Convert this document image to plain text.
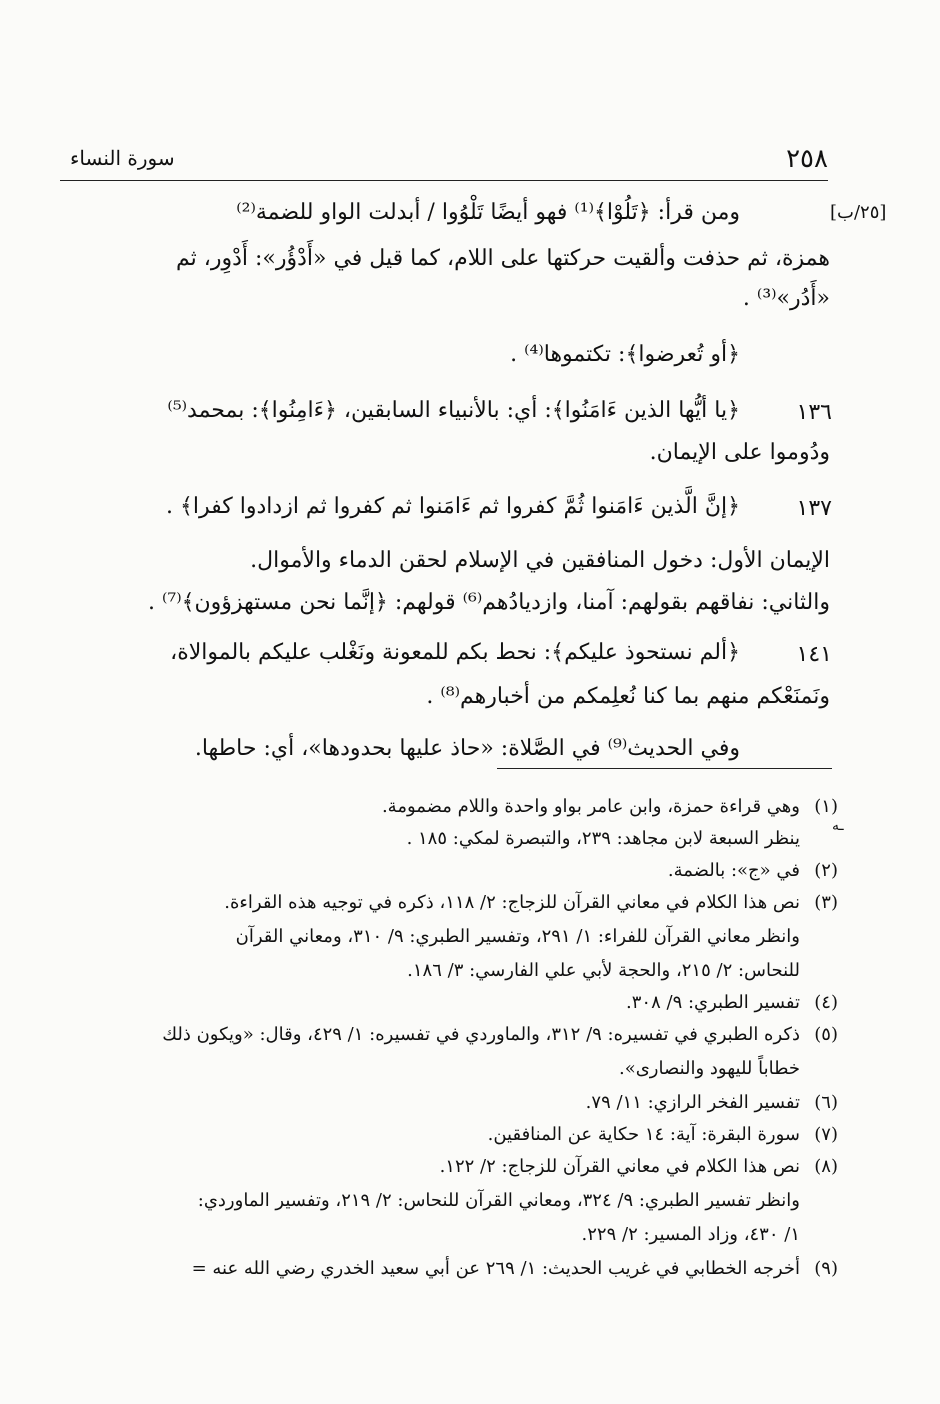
٢٥٨
سورة النساء
[٢٥/ب]
ومن قرأ: ﴿تَلُوْا﴾⁽¹⁾ فهو أيضًا تَلْوُوا / أبدلت الواو للضمة⁽²⁾
همزة، ثم حذفت وألقيت حركتها على اللام، كما قيل في «أَدْؤُر»: أَدْوِر، ثم
«أَدُر»⁽³⁾ .
﴿أو تُعرضوا﴾: تكتموها⁽⁴⁾ .
١٣٦
﴿يا أيُّها الذين ءَامَنُوا﴾: أي: بالأنبياء السابقين، ﴿ءَامِنُوا﴾: بمحمد⁽⁵⁾
ودُوموا على الإيمان.
١٣٧
﴿إنَّ الَّذين ءَامَنوا ثُمَّ كفروا ثم ءَامَنوا ثم كفروا ثم ازدادوا كفرا﴾ .
الإيمان الأول: دخول المنافقين في الإسلام لحقن الدماء والأموال.
والثاني: نفاقهم بقولهم: آمنا، وازديادُهم⁽⁶⁾ قولهم: ﴿إنَّما نحن مستهزؤون﴾⁽⁷⁾ .
١٤١
﴿ألم نستحوذ عليكم﴾: نحط بكم للمعونة ونَغْلب عليكم بالموالاة،
ونَمنَعْكم منهم بما كنا نُعلِمكم من أخبارهم⁽⁸⁾ .
وفي الحديث⁽⁹⁾ في الصَّلاة: «حاذ عليها بحدودها»، أي: حاطها.
(١)
وهي قراءة حمزة، وابن عامر بواو واحدة واللام مضمومة.
ينظر السبعة لابن مجاهد: ٢٣٩، والتبصرة لمكي: ١٨٥ .
ـه
(٢)
في «ج»: بالضمة.
(٣)
نص هذا الكلام في معاني القرآن للزجاج: ٢/ ١١٨، ذكره في توجيه هذه القراءة.
وانظر معاني القرآن للفراء: ١/ ٢٩١، وتفسير الطبري: ٩/ ٣١٠، ومعاني القرآن
للنحاس: ٢/ ٢١٥، والحجة لأبي علي الفارسي: ٣/ ١٨٦.
(٤)
تفسير الطبري: ٩/ ٣٠٨.
(٥)
ذكره الطبري في تفسيره: ٩/ ٣١٢، والماوردي في تفسيره: ١/ ٤٢٩، وقال: «ويكون ذلك
خطاباً لليهود والنصارى».
(٦)
تفسير الفخر الرازي: ١١/ ٧٩.
(٧)
سورة البقرة: آية: ١٤ حكاية عن المنافقين.
(٨)
نص هذا الكلام في معاني القرآن للزجاج: ٢/ ١٢٢.
وانظر تفسير الطبري: ٩/ ٣٢٤، ومعاني القرآن للنحاس: ٢/ ٢١٩، وتفسير الماوردي:
١/ ٤٣٠، وزاد المسير: ٢/ ٢٢٩.
(٩)
أخرجه الخطابي في غريب الحديث: ١/ ٢٦٩ عن أبي سعيد الخدري رضي الله عنه =
